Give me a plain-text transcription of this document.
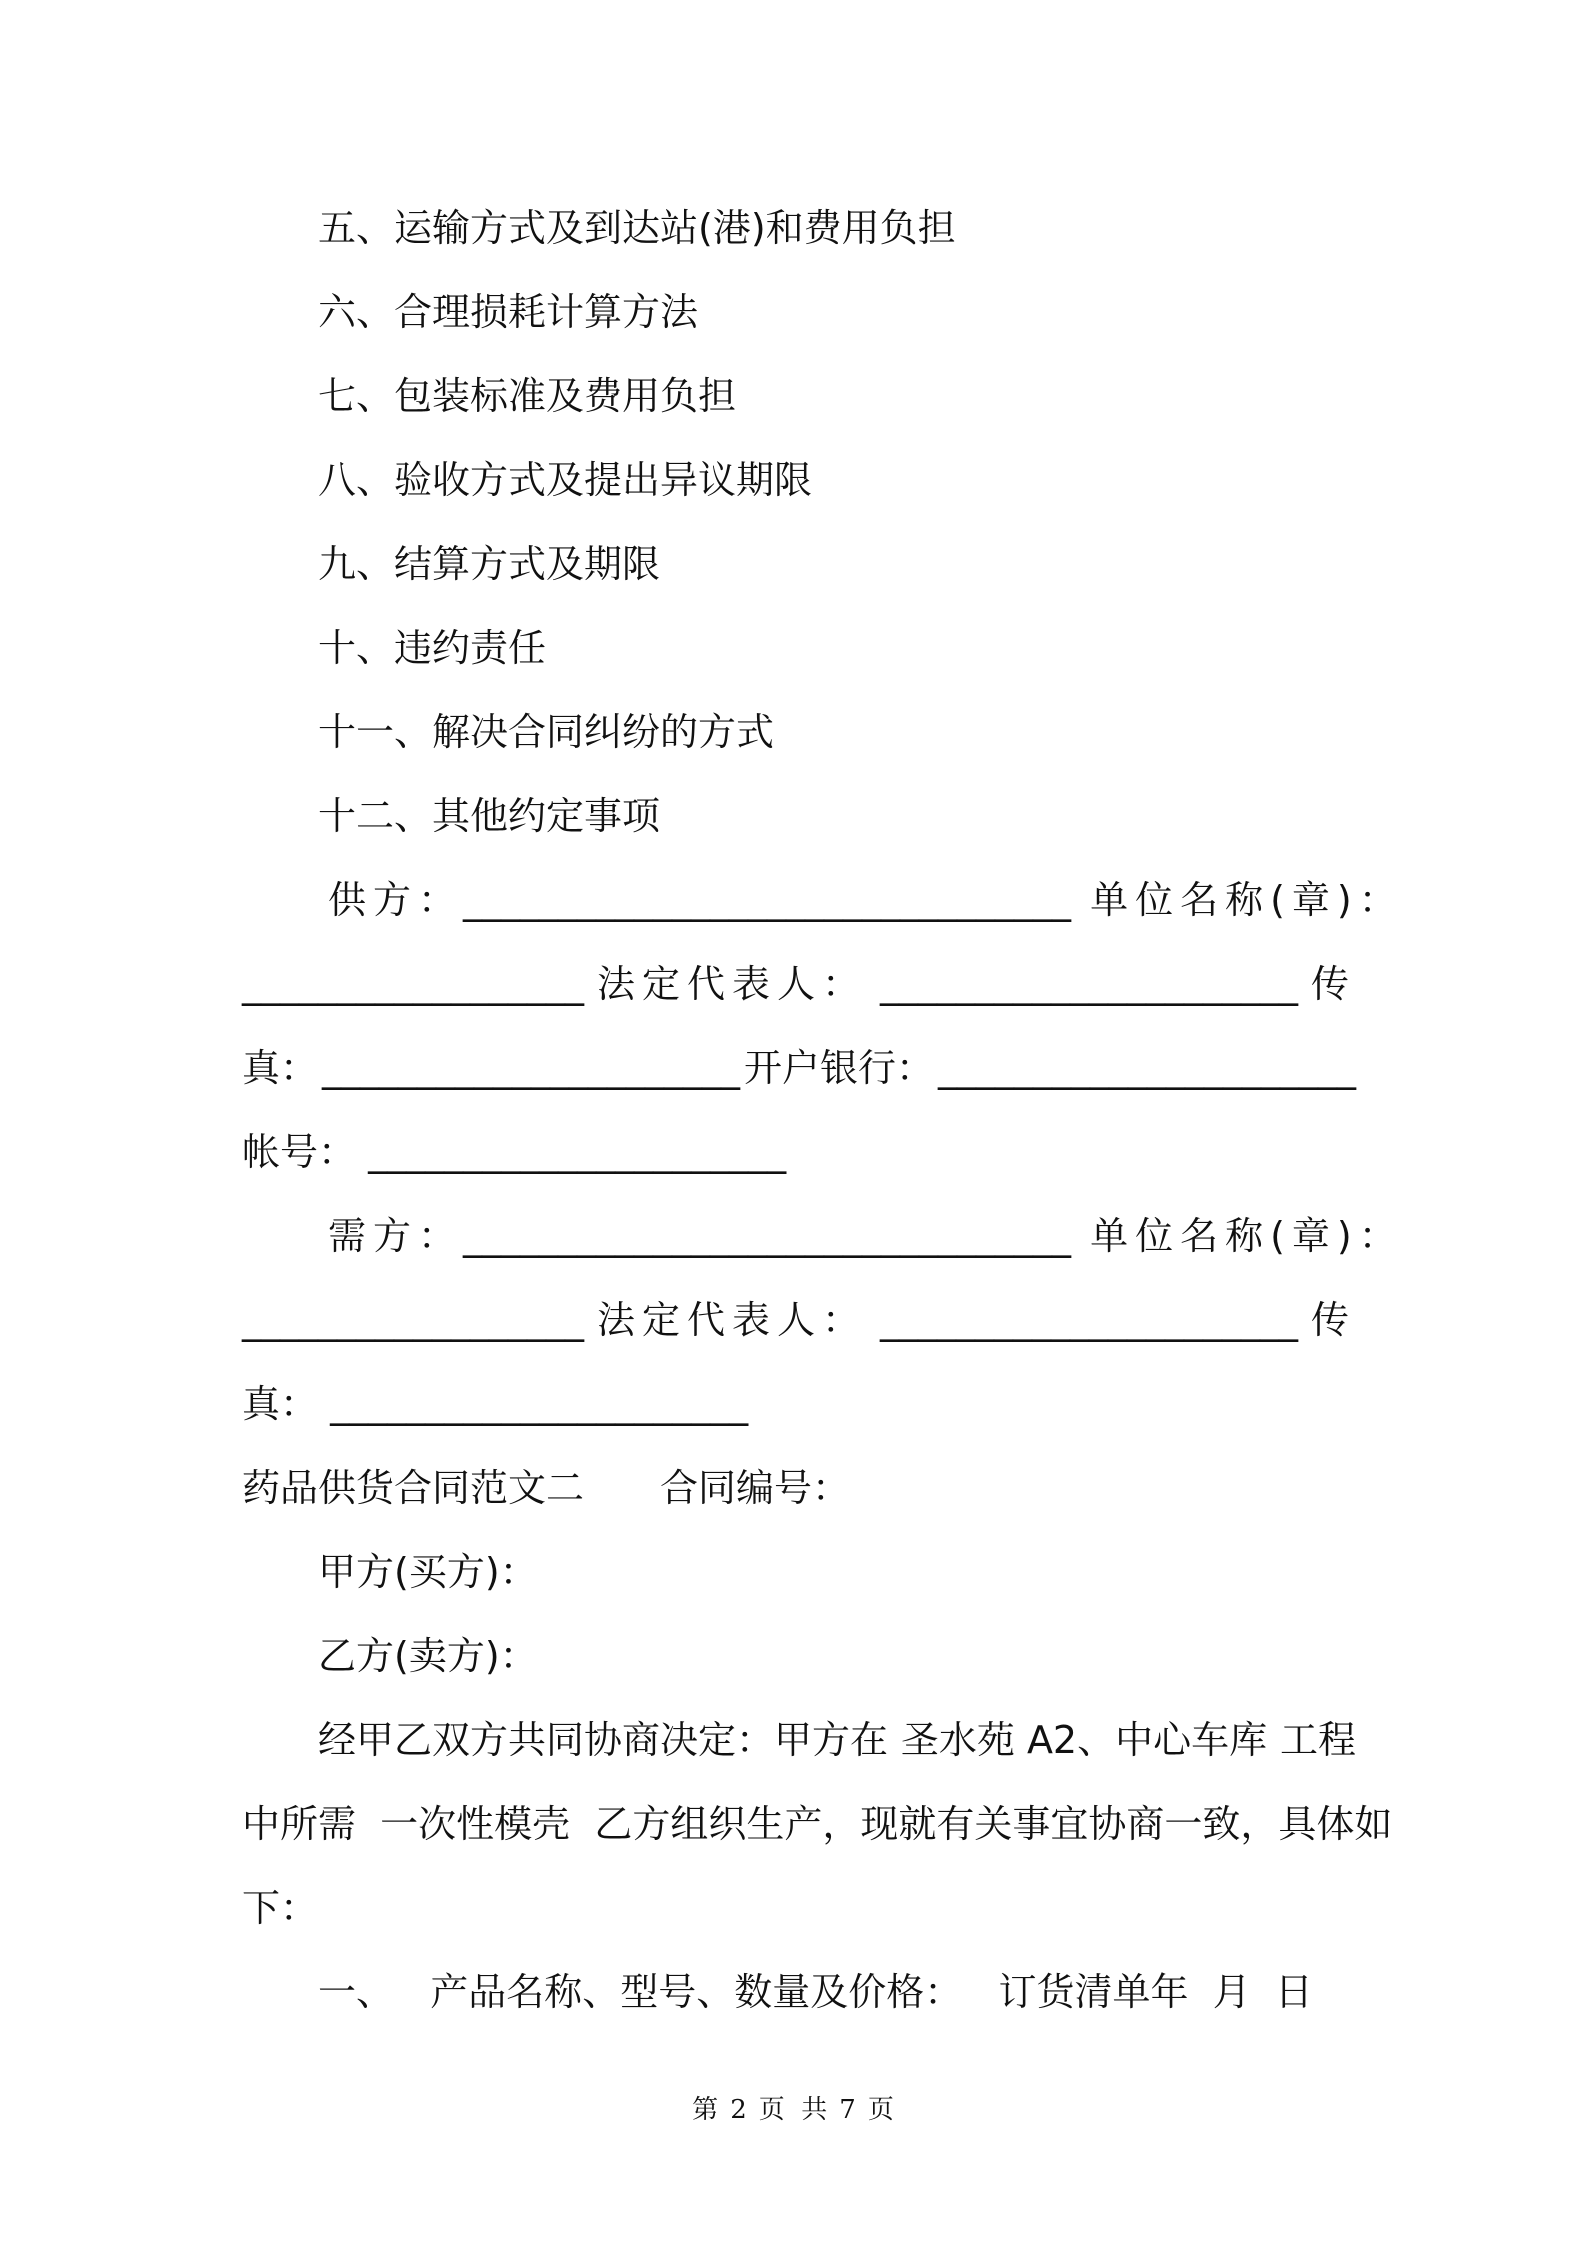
五、运输方式及到达站(港)和费用负担
六、合理损耗计算方法
七、包装标准及费用负担
八、验收方式及提出异议期限
九、结算方式及期限
十、违约责任
十一、解决合同纠纷的方式
十二、其他约定事项
供方：________________________________ 单位名称(章)：
__________________ 法定代表人： ______________________ 传
真： ______________________ 开户银行： ______________________
帐号： ______________________
需方：________________________________ 单位名称(章)：
__________________ 法定代表人： ______________________ 传
真： ______________________
药品供货合同范文二 合同编号：
甲方(买方)：
乙方(卖方)：
经甲乙双方共同协商决定：甲方在 圣水苑 A2、中心车库 工程
中所需  一次性模壳  乙方组织生产，现就有关事宜协商一致，具体如
下：
一、 产品名称、型号、数量及价格： 订货清单年  月  日
第 2 页  共 7 页
